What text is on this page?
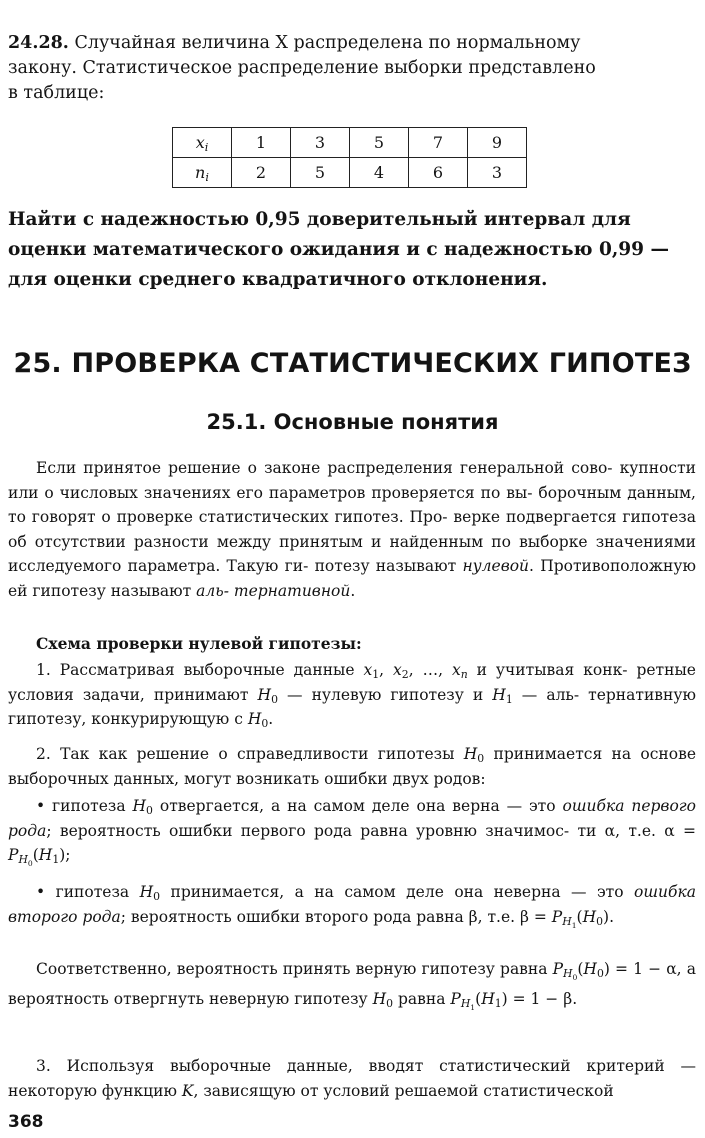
24.28. Случайная величина X распределена по нормальному
закону. Статистическое распределение выборки представлено
в таблице:

$x_i$	1	3	5	7	9
$n_i$	2	5	4	6	3

Найти с надежностью 0,95 доверительный интервал для
оценки математического ожидания и с надежностью 0,99 —
для оценки среднего квадратичного отклонения.

25. ПРОВЕРКА СТАТИСТИЧЕСКИХ ГИПОТЕЗ
25.1. Основные понятия

Если принятое решение о законе распределения генеральной сово- купности или о числовых значениях его параметров проверяется по вы- борочным данным, то говорят о проверке статистических гипотез. Про- верке подвергается гипотеза об отсутствии разности между принятым и найденным по выборке значениями исследуемого параметра. Такую ги- потезу называют нулевой. Противоположную ей гипотезу называют аль- тернативной.

Схема проверки нулевой гипотезы:

1. Рассматривая выборочные данные $x_1$, $x_2$, …, $x_n$ и учитывая конк- ретные условия задачи, принимают $H_0$ — нулевую гипотезу и $H_1$ — аль- тернативную гипотезу, конкурирующую с $H_0$.

2. Так как решение о справедливости гипотезы $H_0$ принимается на основе выборочных данных, могут возникать ошибки двух родов:

• гипотеза $H_0$ отвергается, а на самом деле она верна — это ошибка первого рода; вероятность ошибки первого рода равна уровню значимос- ти α, т.е. $\alpha = P_{H_0}(H_1)$;

• гипотеза $H_0$ принимается, а на самом деле она неверна — это ошибка второго рода; вероятность ошибки второго рода равна β, т.е. $\beta = P_{H_1}(H_0)$.

Соответственно, вероятность принять верную гипотезу равна $P_{H_0}(H_0) = 1 - \alpha$, а вероятность отвергнуть неверную гипотезу $H_0$ равна $P_{H_1}(H_1) = 1 - \beta$.

3. Используя выборочные данные, вводят статистический критерий — некоторую функцию K, зависящую от условий решаемой статистической

368
